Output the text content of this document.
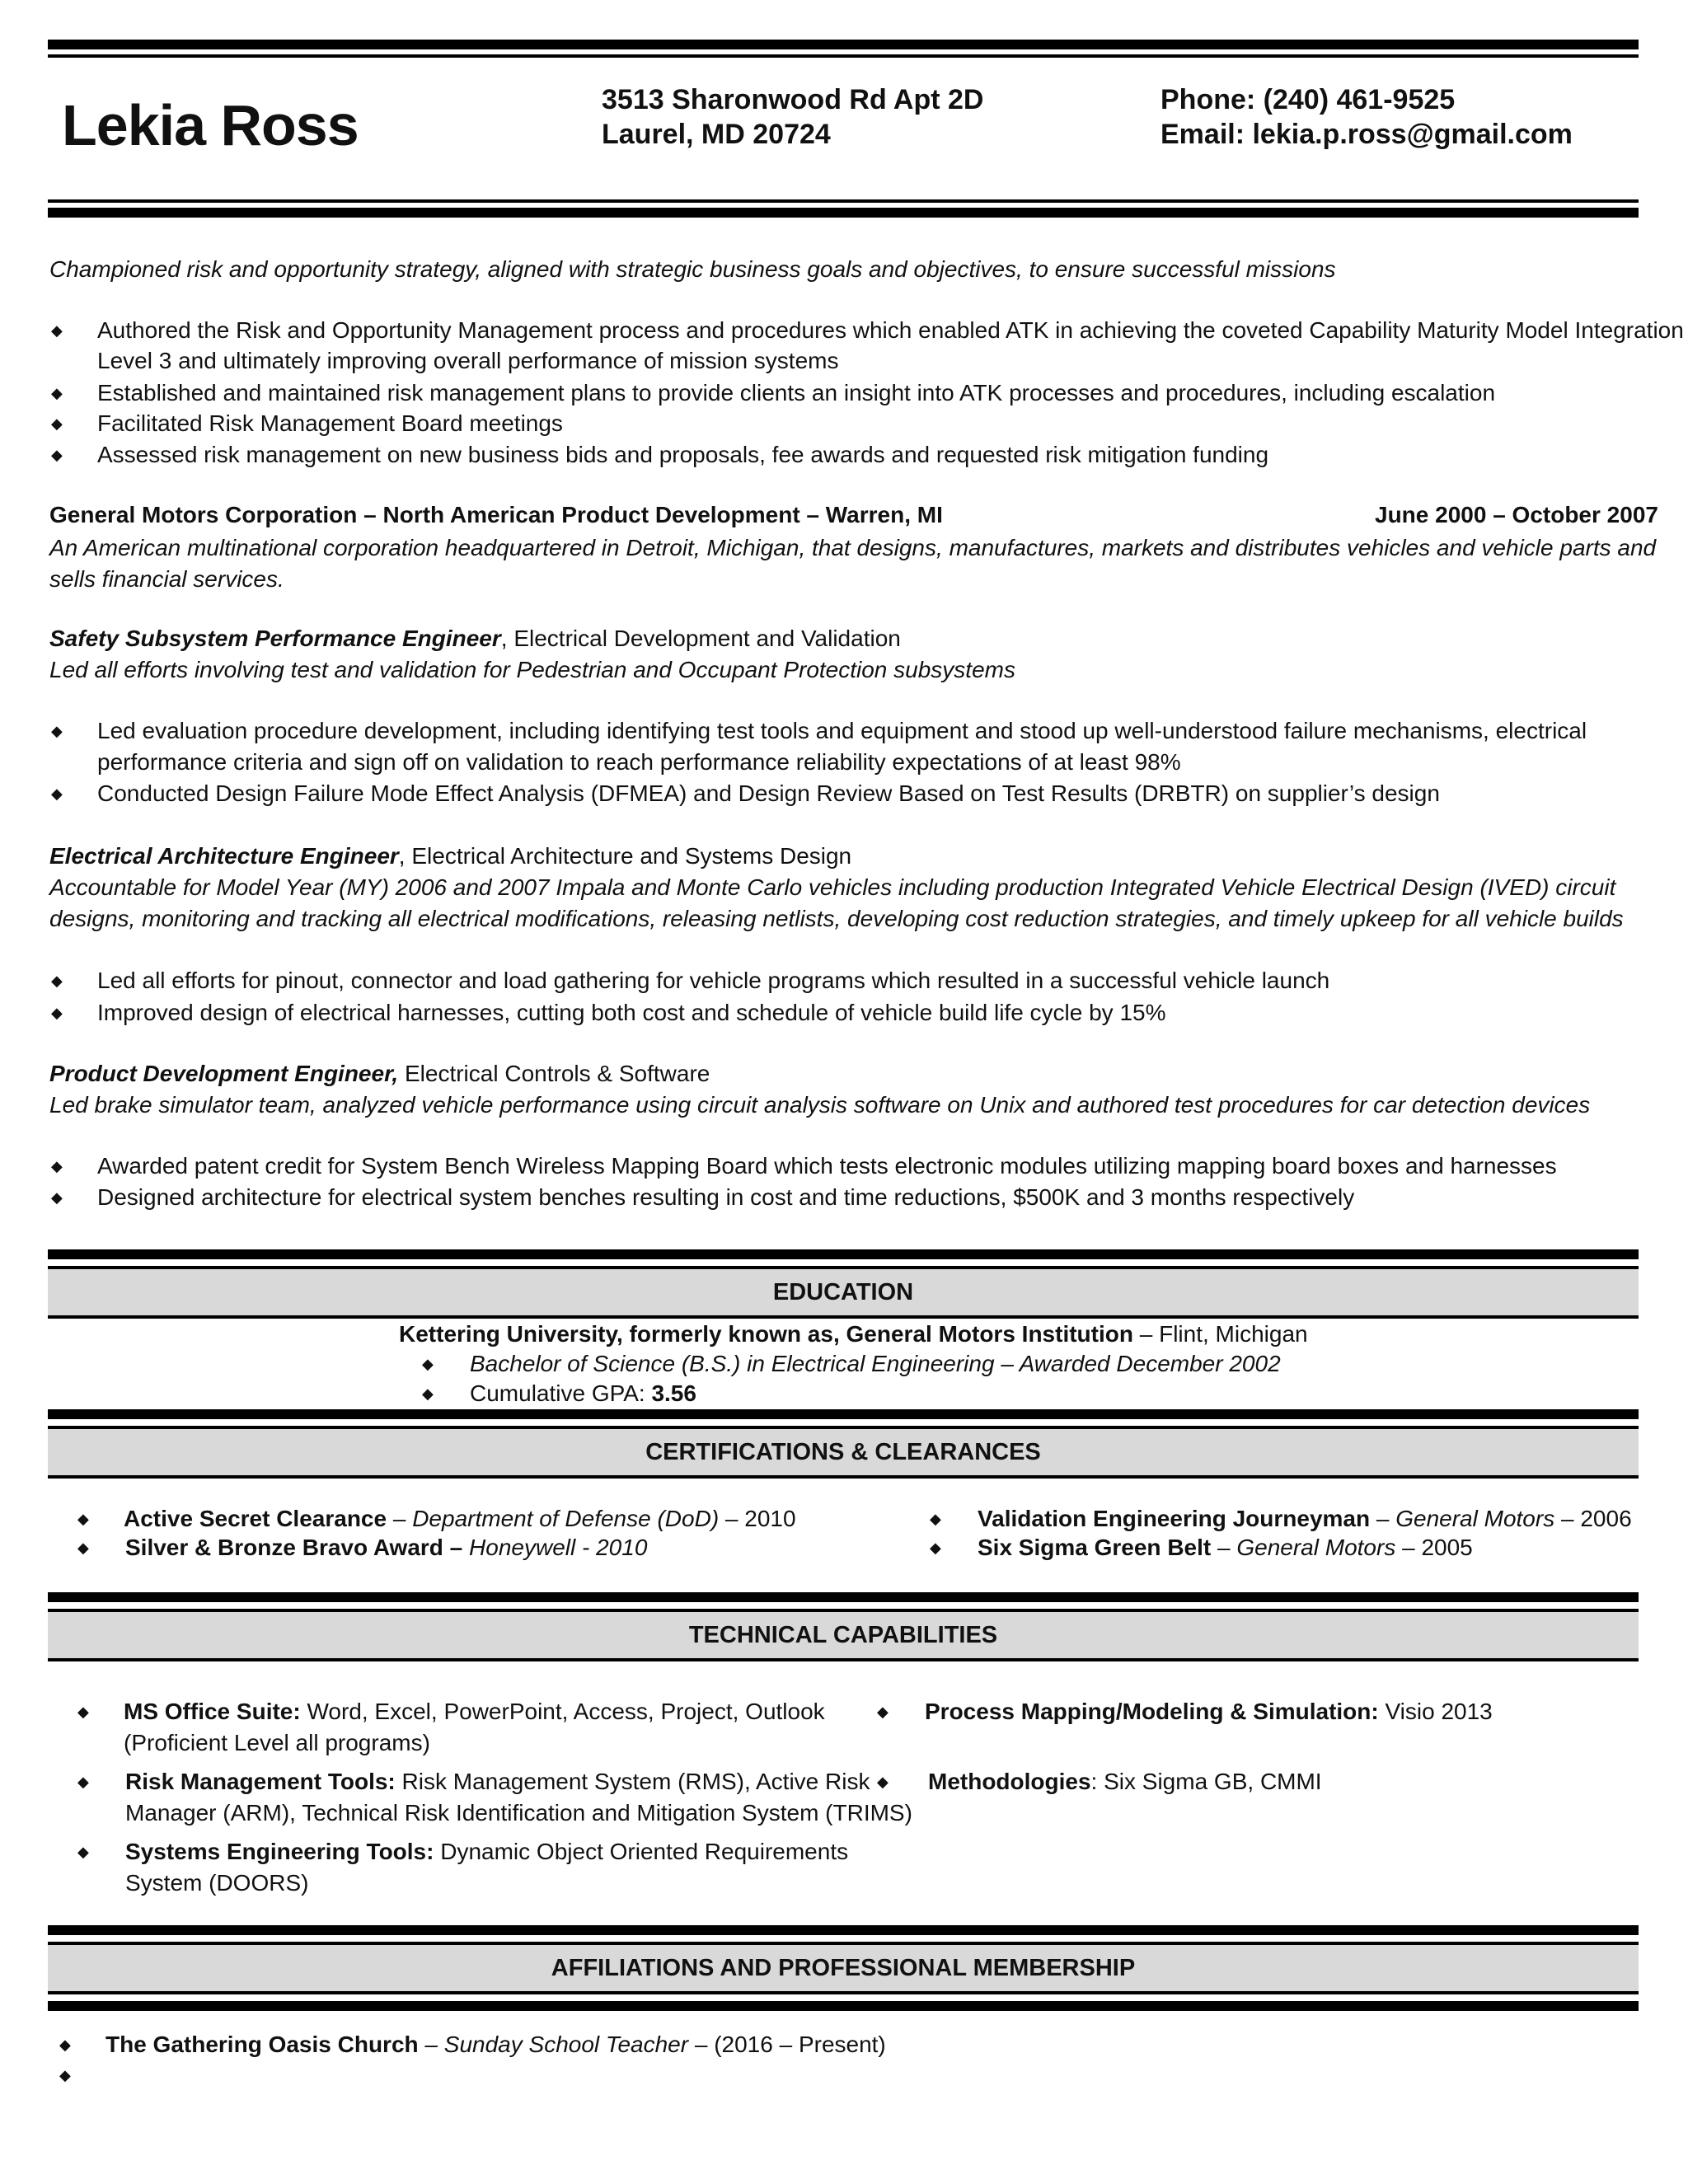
Lekia Ross	3513 Sharonwood Rd Apt 2D
Laurel, MD 20724
Phone: (240) 461-9525
Email: lekia.p.ross@gmail.com
Championed risk and opportunity strategy, aligned with strategic business goals and objectives, to ensure successful missions
◆ Authored the Risk and Opportunity Management process and procedures which enabled ATK in achieving the coveted Capability Maturity Model Integration
Level 3 and ultimately improving overall performance of mission systems
◆ Established and maintained risk management plans to provide clients an insight into ATK processes and procedures, including escalation
◆ Facilitated Risk Management Board meetings
◆ Assessed risk management on new business bids and proposals, fee awards and requested risk mitigation funding
General Motors Corporation – North American Product Development – Warren, MI	June 2000 – October 2007
An American multinational corporation headquartered in Detroit, Michigan, that designs, manufactures, markets and distributes vehicles and vehicle parts and
sells financial services.
Safety Subsystem Performance Engineer, Electrical Development and Validation
Led all efforts involving test and validation for Pedestrian and Occupant Protection subsystems
◆ Led evaluation procedure development, including identifying test tools and equipment and stood up well-understood failure mechanisms, electrical
performance criteria and sign off on validation to reach performance reliability expectations of at least 98%
◆ Conducted Design Failure Mode Effect Analysis (DFMEA) and Design Review Based on Test Results (DRBTR) on supplier’s design
Electrical Architecture Engineer, Electrical Architecture and Systems Design
Accountable for Model Year (MY) 2006 and 2007 Impala and Monte Carlo vehicles including production Integrated Vehicle Electrical Design (IVED) circuit
designs, monitoring and tracking all electrical modifications, releasing netlists, developing cost reduction strategies, and timely upkeep for all vehicle builds
◆ Led all efforts for pinout, connector and load gathering for vehicle programs which resulted in a successful vehicle launch
◆ Improved design of electrical harnesses, cutting both cost and schedule of vehicle build life cycle by 15%
Product Development Engineer, Electrical Controls & Software
Led brake simulator team, analyzed vehicle performance using circuit analysis software on Unix and authored test procedures for car detection devices
◆ Awarded patent credit for System Bench Wireless Mapping Board which tests electronic modules utilizing mapping board boxes and harnesses
◆ Designed architecture for electrical system benches resulting in cost and time reductions, $500K and 3 months respectively
EDUCATION
Kettering University, formerly known as, General Motors Institution – Flint, Michigan
◆ Bachelor of Science (B.S.) in Electrical Engineering – Awarded December 2002
◆ Cumulative GPA: 3.56
CERTIFICATIONS & CLEARANCES
◆ Active Secret Clearance – Department of Defense (DoD) – 2010
◆ Silver & Bronze Bravo Award – Honeywell - 2010
◆ Validation Engineering Journeyman – General Motors – 2006
◆ Six Sigma Green Belt – General Motors – 2005
TECHNICAL CAPABILITIES
◆ MS Office Suite: Word, Excel, PowerPoint, Access, Project, Outlook
(Proficient Level all programs)
◆ Risk Management Tools: Risk Management System (RMS), Active Risk
Manager (ARM), Technical Risk Identification and Mitigation System (TRIMS)
◆ Systems Engineering Tools: Dynamic Object Oriented Requirements
System (DOORS)
◆ Process Mapping/Modeling & Simulation: Visio 2013
◆ Methodologies: Six Sigma GB, CMMI
AFFILIATIONS AND PROFESSIONAL MEMBERSHIP
◆ The Gathering Oasis Church – Sunday School Teacher – (2016 – Present)
◆
